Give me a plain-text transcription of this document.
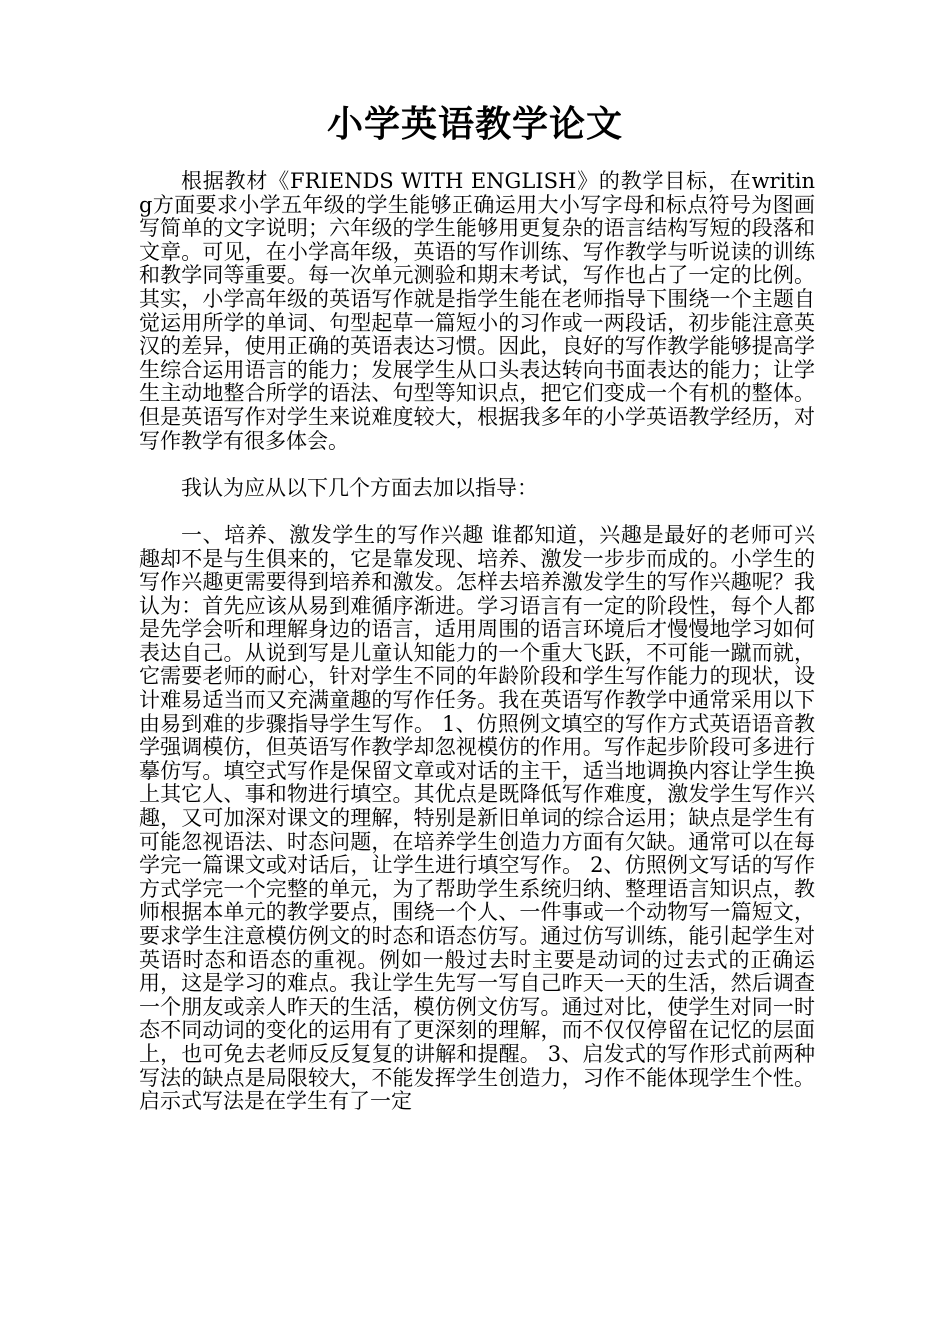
小学英语教学论文

根据教材《FRIENDS WITH ENGLISH》的教学目标，在writing方面要求小学五年级的学生能够正确运用大小写字母和标点符号为图画写简单的文字说明；六年级的学生能够用更复杂的语言结构写短的段落和文章。可见，在小学高年级，英语的写作训练、写作教学与听说读的训练和教学同等重要。每一次单元测验和期末考试，写作也占了一定的比例。其实，小学高年级的英语写作就是指学生能在老师指导下围绕一个主题自觉运用所学的单词、句型起草一篇短小的习作或一两段话，初步能注意英汉的差异，使用正确的英语表达习惯。因此，良好的写作教学能够提高学生综合运用语言的能力；发展学生从口头表达转向书面表达的能力；让学生主动地整合所学的语法、句型等知识点，把它们变成一个有机的整体。但是英语写作对学生来说难度较大，根据我多年的小学英语教学经历，对写作教学有很多体会。

我认为应从以下几个方面去加以指导：

一、培养、激发学生的写作兴趣 谁都知道，兴趣是最好的老师可兴趣却不是与生俱来的，它是靠发现、培养、激发一步步而成的。小学生的写作兴趣更需要得到培养和激发。怎样去培养激发学生的写作兴趣呢？我认为：首先应该从易到难循序渐进。学习语言有一定的阶段性，每个人都是先学会听和理解身边的语言，适用周围的语言环境后才慢慢地学习如何表达自己。从说到写是儿童认知能力的一个重大飞跃，不可能一蹴而就，它需要老师的耐心，针对学生不同的年龄阶段和学生写作能力的现状，设计难易适当而又充满童趣的写作任务。我在英语写作教学中通常采用以下由易到难的步骤指导学生写作。 1、仿照例文填空的写作方式英语语音教学强调模仿，但英语写作教学却忽视模仿的作用。写作起步阶段可多进行摹仿写。填空式写作是保留文章或对话的主干，适当地调换内容让学生换上其它人、事和物进行填空。其优点是既降低写作难度，激发学生写作兴趣，又可加深对课文的理解，特别是新旧单词的综合运用；缺点是学生有可能忽视语法、时态问题，在培养学生创造力方面有欠缺。通常可以在每学完一篇课文或对话后，让学生进行填空写作。 2、仿照例文写话的写作方式学完一个完整的单元，为了帮助学生系统归纳、整理语言知识点，教师根据本单元的教学要点，围绕一个人、一件事或一个动物写一篇短文，要求学生注意模仿例文的时态和语态仿写。通过仿写训练，能引起学生对英语时态和语态的重视。例如一般过去时主要是动词的过去式的正确运用，这是学习的难点。我让学生先写一写自己昨天一天的生活，然后调查一个朋友或亲人昨天的生活，模仿例文仿写。通过对比，使学生对同一时态不同动词的变化的运用有了更深刻的理解，而不仅仅停留在记忆的层面上，也可免去老师反反复复的讲解和提醒。 3、启发式的写作形式前两种写法的缺点是局限较大，不能发挥学生创造力，习作不能体现学生个性。启示式写法是在学生有了一定
